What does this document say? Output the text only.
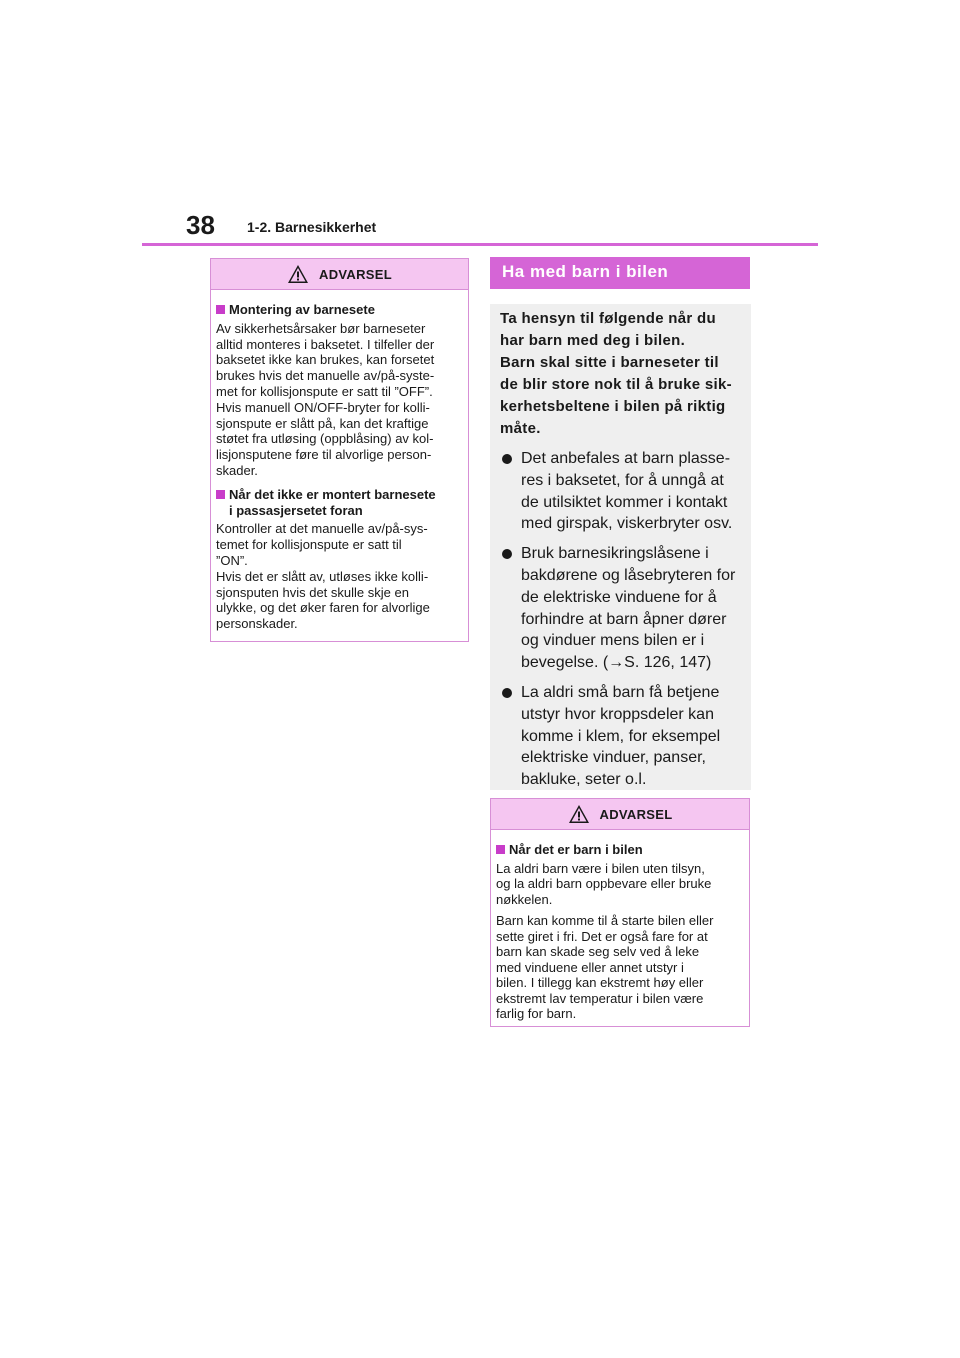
38 1-2. Barnesikkerhet
ADVARSEL
Montering av barnesete
Av sikkerhetsårsaker bør barneseter
alltid monteres i baksetet. I tilfeller der
baksetet ikke kan brukes, kan forsetet
brukes hvis det manuelle av/på-syste-
met for kollisjonspute er satt til ”OFF”.
Hvis manuell ON/OFF-bryter for kolli-
sjonspute er slått på, kan det kraftige
støtet fra utløsing (oppblåsing) av kol-
lisjonsputene føre til alvorlige person-
skader.
Når det ikke er montert barnesete
i passasjersetet foran
Kontroller at det manuelle av/på-sys-
temet for kollisjonspute er satt til
”ON”.
Hvis det er slått av, utløses ikke kolli-
sjonsputen hvis det skulle skje en
ulykke, og det øker faren for alvorlige
personskader.
Ha med barn i bilen
Ta hensyn til følgende når du
har barn med deg i bilen.
Barn skal sitte i barneseter til
de blir store nok til å bruke sik-
kerhetsbeltene i bilen på riktig
måte.
Det anbefales at barn plasse-
res i baksetet, for å unngå at
de utilsiktet kommer i kontakt
med girspak, viskerbryter osv.
Bruk barnesikringslåsene i
bakdørene og låsebryteren for
de elektriske vinduene for å
forhindre at barn åpner dører
og vinduer mens bilen er i
bevegelse. (→S. 126, 147)
La aldri små barn få betjene
utstyr hvor kroppsdeler kan
komme i klem, for eksempel
elektriske vinduer, panser,
bakluke, seter o.l.
ADVARSEL
Når det er barn i bilen
La aldri barn være i bilen uten tilsyn,
og la aldri barn oppbevare eller bruke
nøkkelen.
Barn kan komme til å starte bilen eller
sette giret i fri. Det er også fare for at
barn kan skade seg selv ved å leke
med vinduene eller annet utstyr i
bilen. I tillegg kan ekstremt høy eller
ekstremt lav temperatur i bilen være
farlig for barn.
